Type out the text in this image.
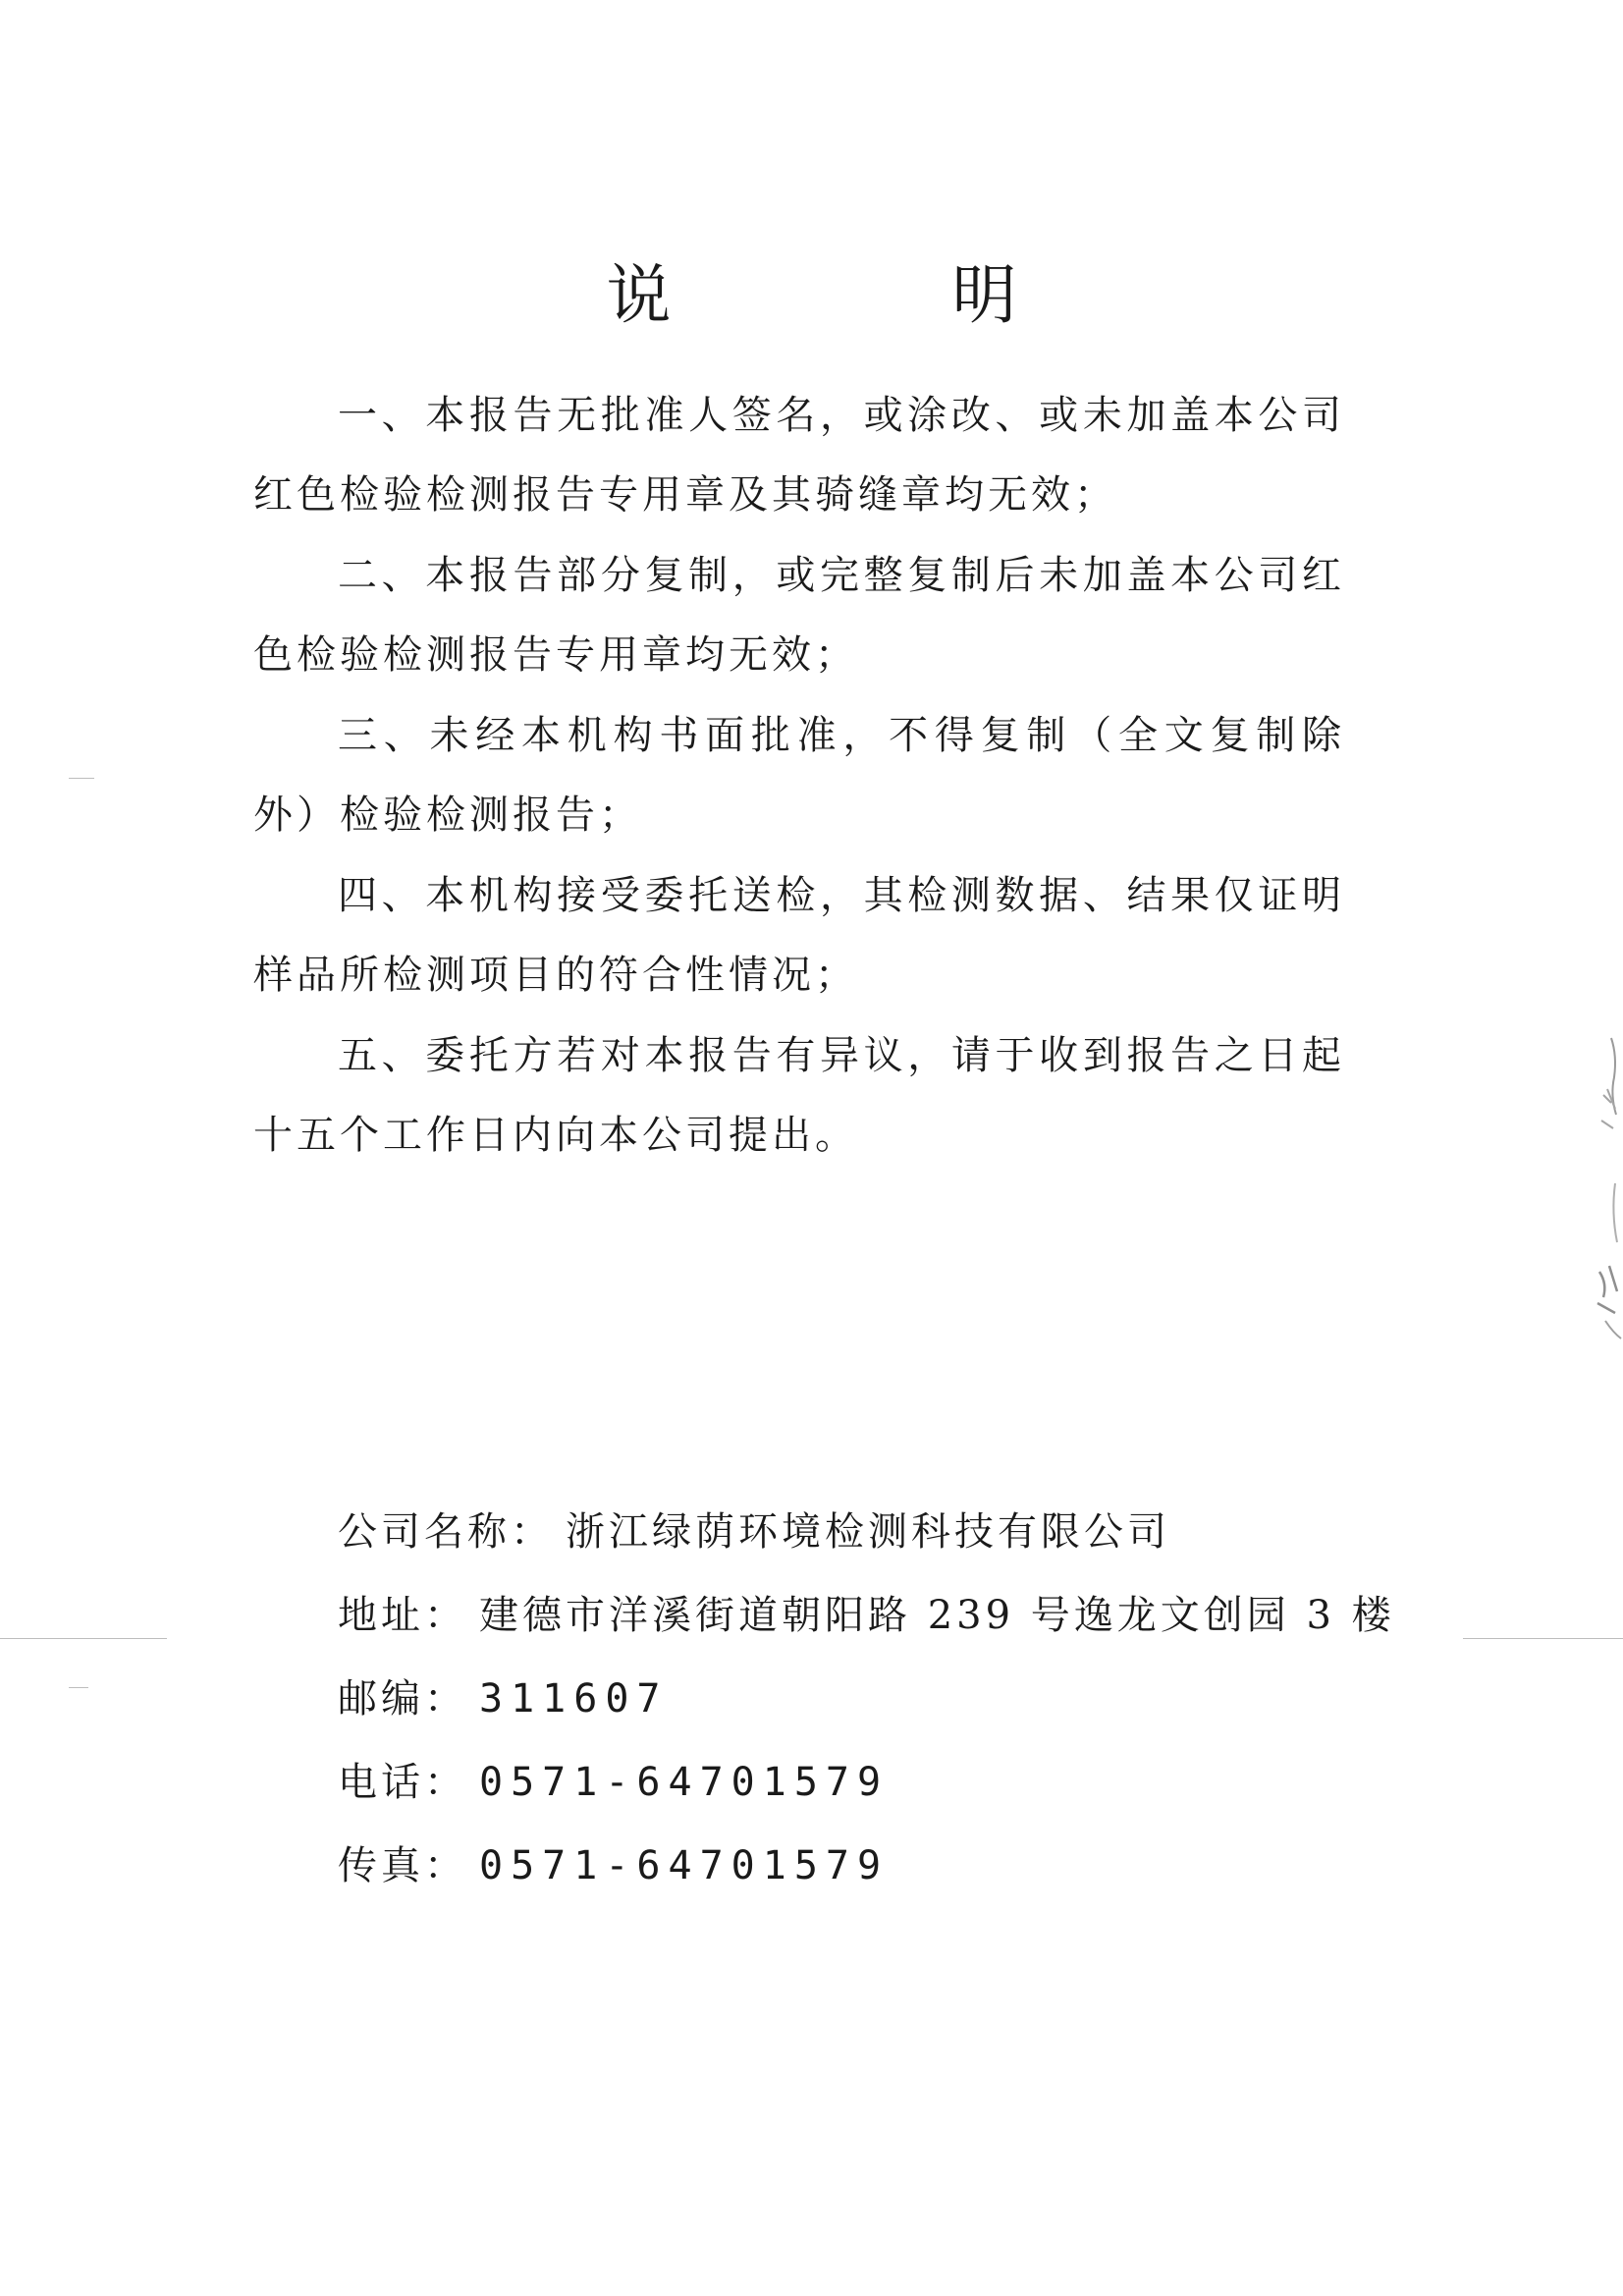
说　明
一、本报告无批准人签名，或涂改、或未加盖本公司红色检验检测报告专用章及其骑缝章均无效；
二、本报告部分复制，或完整复制后未加盖本公司红色检验检测报告专用章均无效；
三、未经本机构书面批准，不得复制（全文复制除外）检验检测报告；
四、本机构接受委托送检，其检测数据、结果仅证明样品所检测项目的符合性情况；
五、委托方若对本报告有异议，请于收到报告之日起十五个工作日内向本公司提出。
公司名称： 浙江绿荫环境检测科技有限公司
地址： 建德市洋溪街道朝阳路 239 号逸龙文创园 3 楼
邮编： 311607
电话： 0571-64701579
传真： 0571-64701579
